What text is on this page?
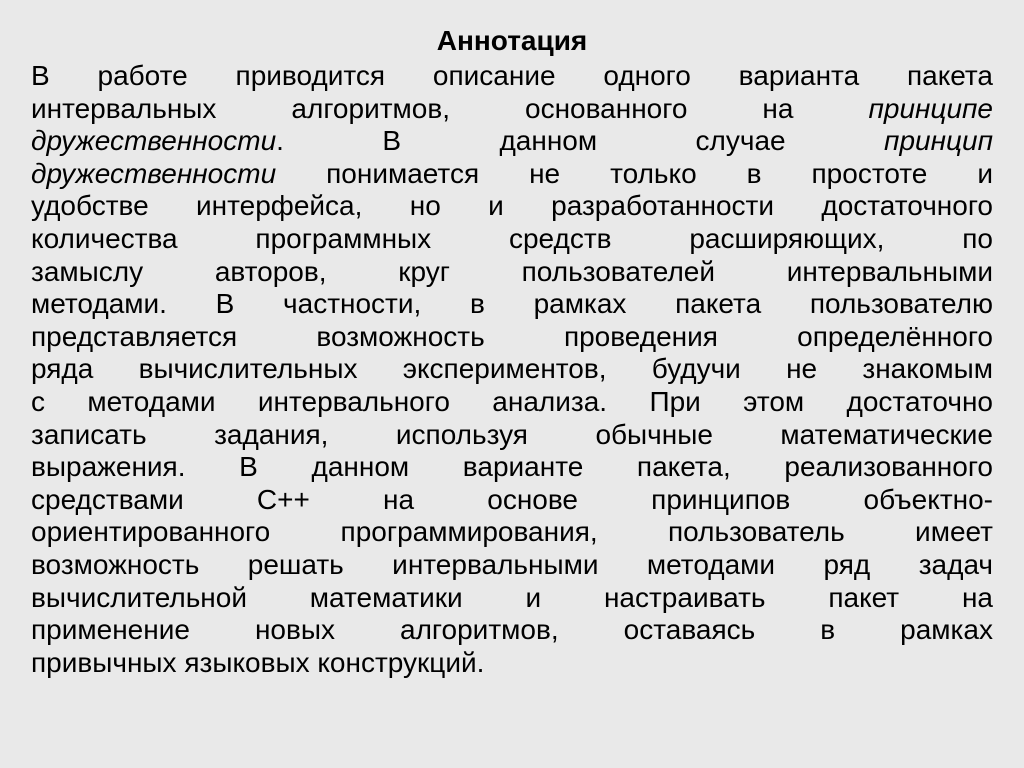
Аннотация
В работе приводится описание одного варианта пакета
интервальных алгоритмов, основанного на принципе
дружественности. В данном случае принцип
дружественности понимается не только в простоте и
удобстве интерфейса, но и разработанности достаточного
количества программных средств расширяющих, по
замыслу авторов, круг пользователей интервальными
методами. В частности, в рамках пакета пользователю
представляется возможность проведения определённого
ряда вычислительных экспериментов, будучи не знакомым
с методами интервального анализа. При этом достаточно
записать задания, используя обычные математические
выражения. В данном варианте пакета, реализованного
средствами С++ на основе принципов объектно-
ориентированного программирования, пользователь имеет
возможность решать интервальными методами ряд задач
вычислительной математики и настраивать пакет на
применение новых алгоритмов, оставаясь в рамках
привычных языковых конструкций.
